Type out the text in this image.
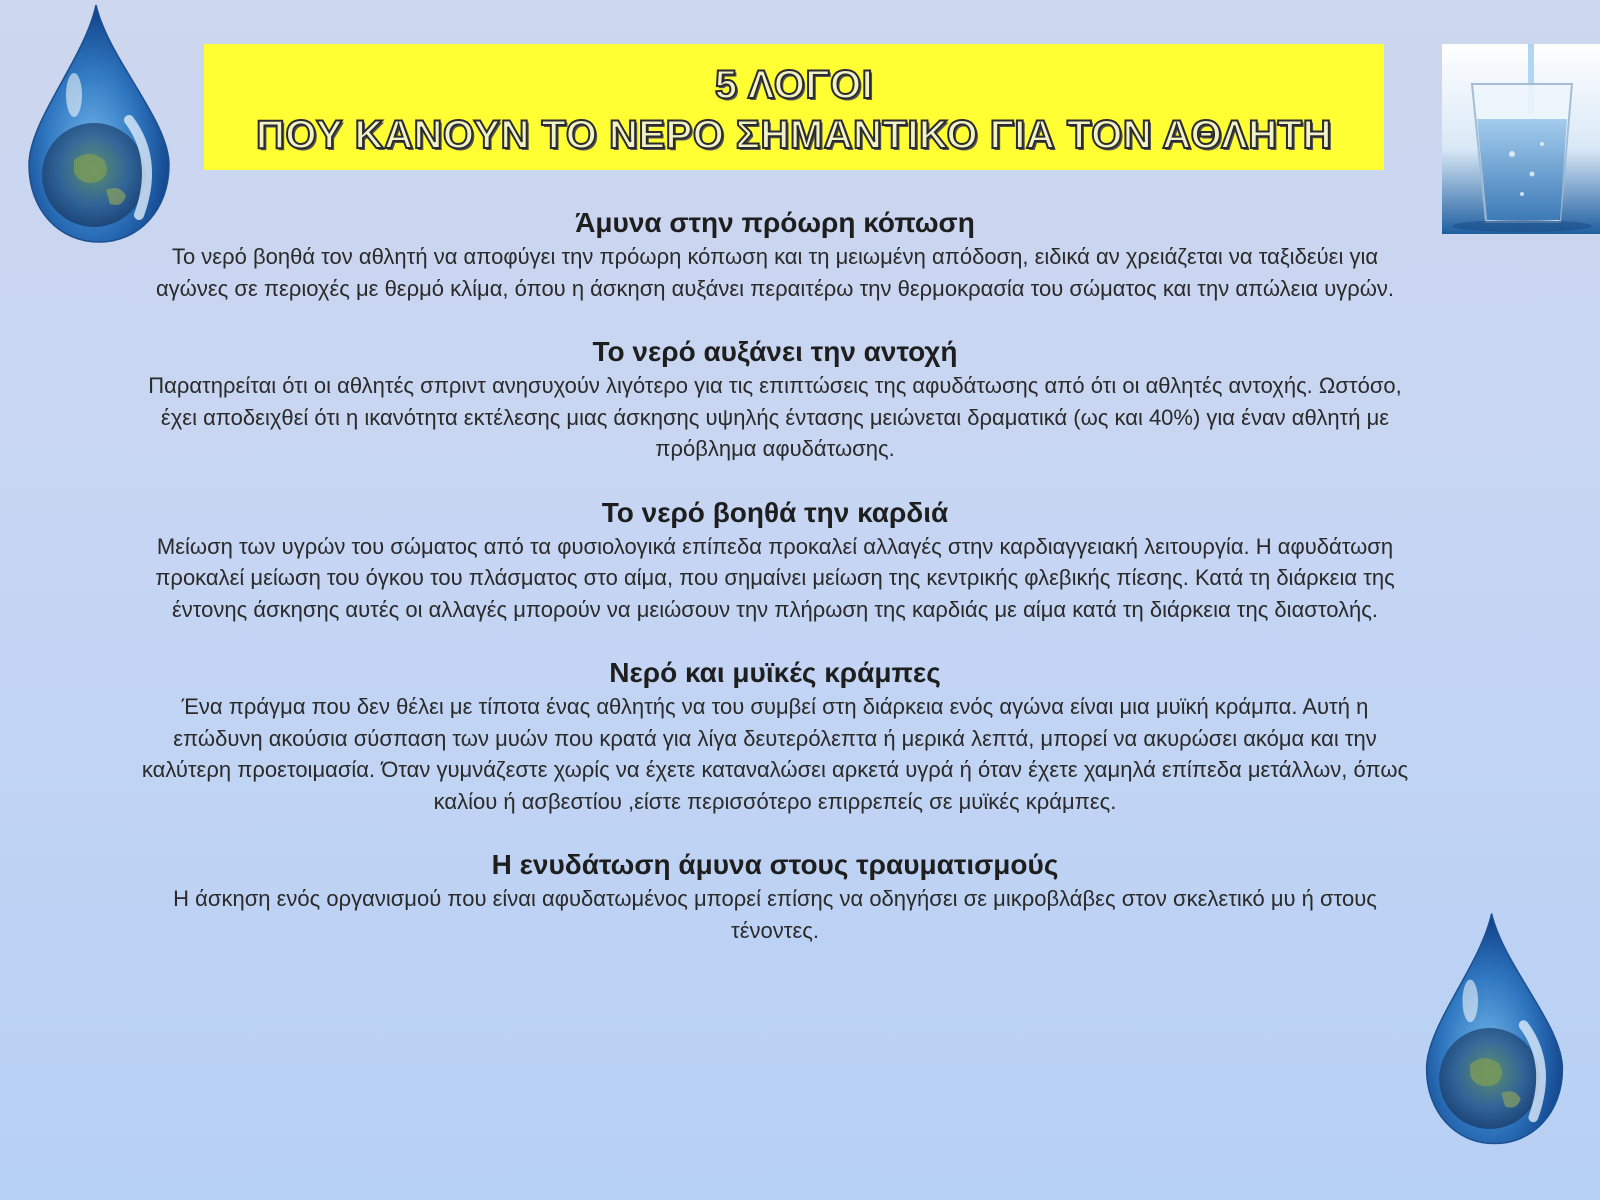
5 ΛΟΓΟΙ
ΠΟΥ ΚΑΝΟΥΝ ΤΟ ΝΕΡΟ ΣΗΜΑΝΤΙΚΟ ΓΙΑ ΤΟΝ ΑΘΛΗΤΗ
Άμυνα στην πρόωρη κόπωση
Το νερό βοηθά τον αθλητή να αποφύγει την πρόωρη κόπωση και τη μειωμένη απόδοση, ειδικά αν χρειάζεται να ταξιδεύει για αγώνες σε περιοχές με θερμό κλίμα, όπου η άσκηση αυξάνει περαιτέρω την θερμοκρασία του σώματος και την απώλεια υγρών.
Το νερό αυξάνει την αντοχή
Παρατηρείται ότι οι αθλητές σπριντ ανησυχούν λιγότερο για τις επιπτώσεις της αφυδάτωσης από ότι οι αθλητές αντοχής. Ωστόσο, έχει αποδειχθεί ότι η ικανότητα εκτέλεσης μιας άσκησης υψηλής έντασης μειώνεται δραματικά (ως και 40%) για έναν αθλητή με πρόβλημα αφυδάτωσης.
Το νερό βοηθά την καρδιά
Μείωση των υγρών του σώματος από τα φυσιολογικά επίπεδα προκαλεί αλλαγές στην καρδιαγγειακή λειτουργία. Η αφυδάτωση προκαλεί μείωση του όγκου του πλάσματος στο αίμα, που σημαίνει μείωση της κεντρικής φλεβικής πίεσης. Κατά τη διάρκεια της έντονης άσκησης αυτές οι αλλαγές μπορούν να μειώσουν την πλήρωση της καρδιάς με αίμα κατά τη διάρκεια της διαστολής.
Νερό και μυϊκές κράμπες
Ένα πράγμα που δεν θέλει με τίποτα ένας αθλητής να του συμβεί στη διάρκεια ενός αγώνα είναι μια μυϊκή κράμπα. Αυτή η επώδυνη ακούσια σύσπαση των μυών που κρατά για λίγα δευτερόλεπτα ή μερικά λεπτά, μπορεί να ακυρώσει ακόμα και την καλύτερη προετοιμασία. Όταν γυμνάζεστε χωρίς να έχετε καταναλώσει αρκετά υγρά ή όταν έχετε χαμηλά επίπεδα μετάλλων, όπως καλίου ή ασβεστίου ,είστε περισσότερο επιρρεπείς σε μυϊκές κράμπες.
Η ενυδάτωση άμυνα στους τραυματισμούς
Η άσκηση ενός οργανισμού που είναι αφυδατωμένος μπορεί επίσης να οδηγήσει σε μικροβλάβες στον σκελετικό μυ ή στους τένοντες.
